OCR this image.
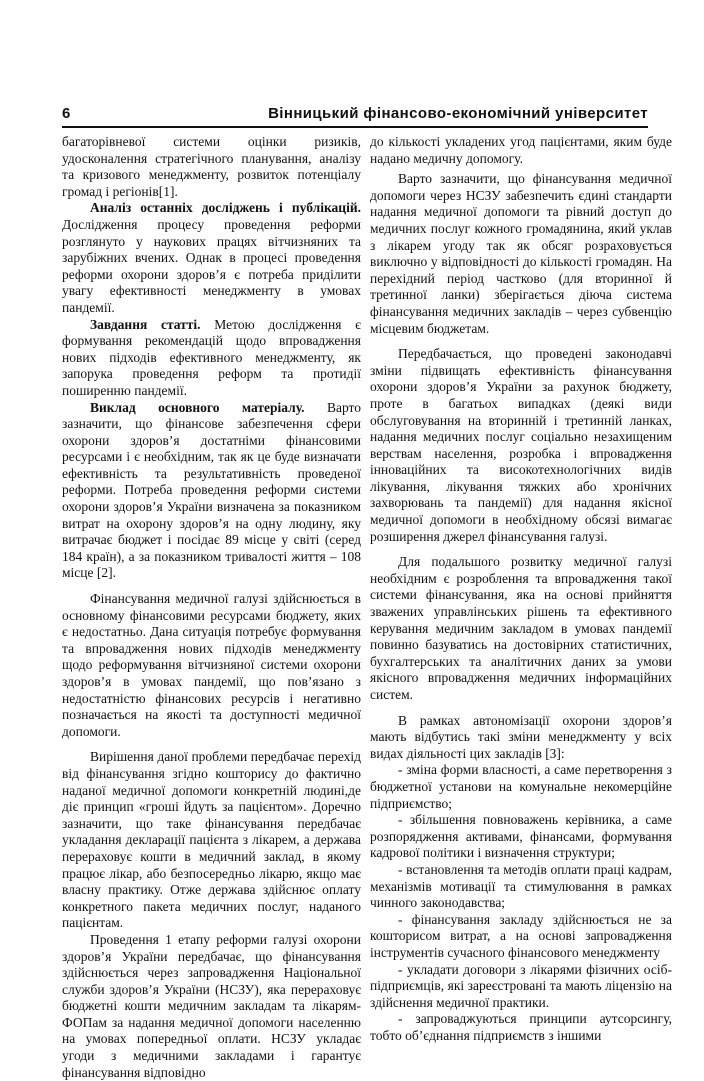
6	Вінницький фінансово-економічний університет

багаторівневої системи оцінки ризиків, удосконалення стратегічного планування, аналізу та кризового менеджменту, розвиток потенціалу громад і регіонів[1].

Аналіз останніх досліджень і публікацій. Дослідження процесу проведення реформи розглянуто у наукових працях вітчизняних та зарубіжних вчених. Однак в процесі проведення реформи охорони здоров’я є потреба приділити увагу ефективності менеджменту в умовах пандемії.

Завдання статті. Метою дослідження є формування рекомендацій щодо впровадження нових підходів ефективного менеджменту, як запорука проведення реформ та протидії поширенню пандемії.

Виклад основного матеріалу. Варто зазначити, що фінансове забезпечення сфери охорони здоров’я достатніми фінансовими ресурсами і є необхідним, так як це буде визначати ефективність та результативність проведеної реформи. Потреба проведення реформи системи охорони здоров’я України визначена за показником витрат на охорону здоров’я на одну людину, яку витрачає бюджет і посідає 89 місце у світі (серед 184 країн), а за показником тривалості життя – 108 місце [2].

Фінансування медичної галузі здійснюється в основному фінансовими ресурсами бюджету, яких є недостатньо. Дана ситуація потребує формування та впровадження нових підходів менеджменту щодо реформування вітчизняної системи охорони здоров’я в умовах пандемії, що пов’язано з недостатністю фінансових ресурсів і негативно позначається на якості та доступності медичної допомоги.

Вирішення даної проблеми передбачає перехід від фінансування згідно кошторису до фактично наданої медичної допомоги конкретній людині,де діє принцип «гроші йдуть за пацієнтом». Доречно зазначити, що таке фінансування передбачає укладання декларації пацієнта з лікарем, а держава перераховує кошти в медичний заклад, в якому працює лікар, або безпосередньо лікарю, якщо має власну практику. Отже держава здійснює оплату конкретного пакета медичних послуг, наданого пацієнтам.

Проведення 1 етапу реформи галузі охорони здоров’я України передбачає, що фінансування здійснюється через запровадження Національної служби здоров’я України (НСЗУ), яка перераховує бюджетні кошти медичним закладам та лікарям-ФОПам за надання медичної допомоги населенню на умовах попередньої оплати. НСЗУ укладає угоди з медичними закладами і гарантує фінансування відповідно

до кількості укладених угод пацієнтами, яким буде надано медичну допомогу.

Варто зазначити, що фінансування медичної допомоги через НСЗУ забезпечить єдині стандарти надання медичної допомоги та рівний доступ до медичних послуг кожного громадянина, який уклав з лікарем угоду так як обсяг розраховується виключно у відповідності до кількості громадян. На перехідний період частково (для вторинної й третинної ланки) зберігається діюча система фінансування медичних закладів – через субвенцію місцевим бюджетам.

Передбачається, що проведені законодавчі зміни підвищать ефективність фінансування охорони здоров’я України за рахунок бюджету, проте в багатьох випадках (деякі види обслуговування на вторинній і третинній ланках, надання медичних послуг соціально незахищеним верствам населення, розробка і впровадження інноваційних та високотехнологічних видів лікування, лікування тяжких або хронічних захворювань та пандемії) для надання якісної медичної допомоги в необхідному обсязі вимагає розширення джерел фінансування галузі.

Для подальшого розвитку медичної галузі необхідним є розроблення та впровадження такої системи фінансування, яка на основі прийняття зважених управлінських рішень та ефективного керування медичним закладом в умовах пандемії повинно базуватись на достовірних статистичних, бухгалтерських та аналітичних даних за умови якісного впровадження медичних інформаційних систем.

В рамках автономізації охорони здоров’я мають відбутись такі зміни менеджменту у всіх видах діяльності цих закладів [3]:

- зміна форми власності, а саме перетворення з бюджетної установи на комунальне некомерційне підприємство;

- збільшення повноважень керівника, а саме розпорядження активами, фінансами, формування кадрової політики і визначення структури;

- встановлення та методів оплати праці кадрам, механізмів мотивації та стимулювання в рамках чинного законодавства;

- фінансування закладу здійснюється не за кошторисом витрат, а на основі запровадження інструментів сучасного фінансового менеджменту

- укладати договори з лікарями фізичних осіб-підприємців, які зареєстровані та мають ліцензію на здійснення медичної практики.

- запроваджуються принципи аутсорсингу, тобто об’єднання підприємств з іншими
